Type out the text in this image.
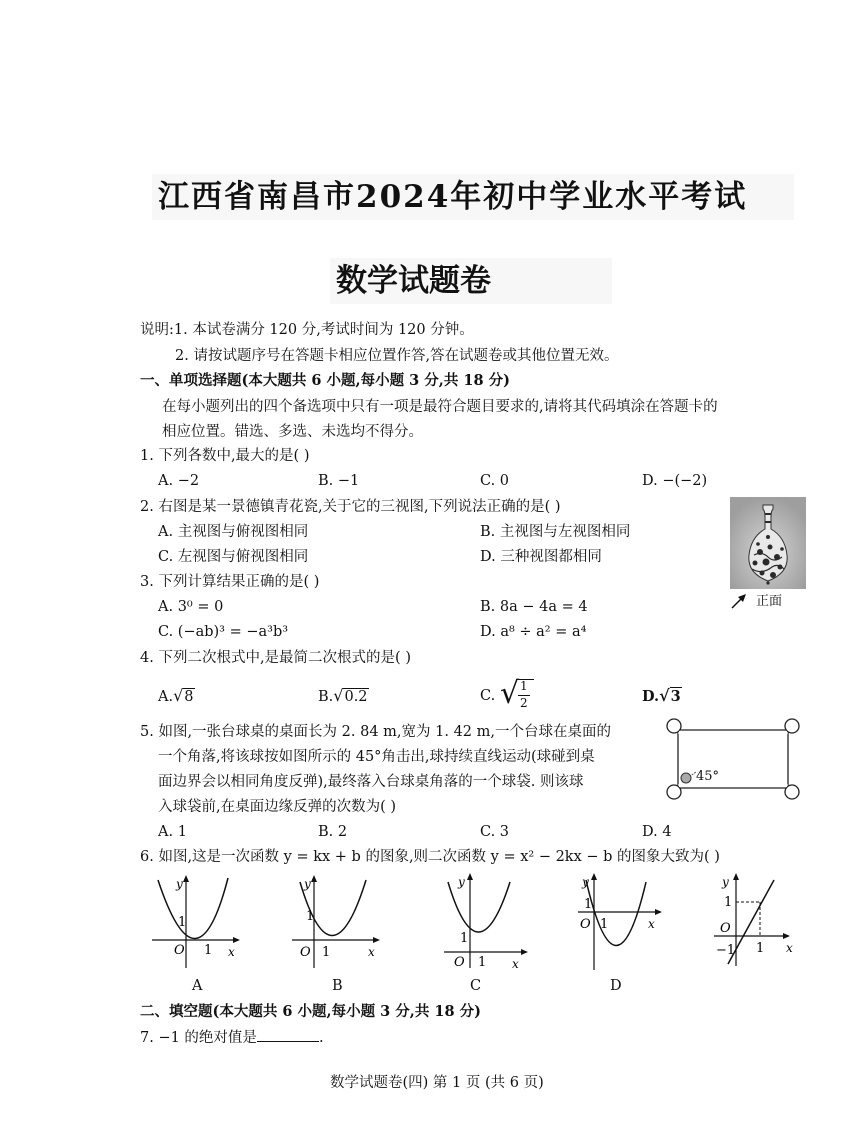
江西省南昌市2024年初中学业水平考试
数学试题卷
说明:1. 本试卷满分 120 分,考试时间为 120 分钟。
2. 请按试题序号在答题卡相应位置作答,答在试题卷或其他位置无效。
一、单项选择题(本大题共 6 小题,每小题 3 分,共 18 分)
在每小题列出的四个备选项中只有一项是最符合题目要求的,请将其代码填涂在答题卡的
相应位置。错选、多选、未选均不得分。
1. 下列各数中,最大的是( )
A. −2	B. −1	C. 0	D. −(−2)
2. 右图是某一景德镇青花瓷,关于它的三视图,下列说法正确的是( )
A. 主视图与俯视图相同	B. 主视图与左视图相同
C. 左视图与俯视图相同	D. 三种视图都相同
正面
3. 下列计算结果正确的是( )
A. 3⁰ = 0	B. 8a − 4a = 4
C. (−ab)³ = −a³b³	D. a⁸ ÷ a² = a⁴
4. 下列二次根式中,是最简二次根式的是( )
A.√8	B.√0.2	C. √ 1
2	D.√3
5. 如图,一张台球桌的桌面长为 2. 84 m,宽为 1. 42 m,一个台球在桌面的
一个角落,将该球按如图所示的 45°角击出,球持续直线运动(球碰到桌
面边界会以相同角度反弹),最终落入台球桌角落的一个球袋. 则该球
入球袋前,在桌面边缘反弹的次数为( )
A. 1	B. 2	C. 3	D. 4
45°
6. 如图,这是一次函数 y = kx + b 的图象,则二次函数 y = x² − 2kx − b 的图象大致为( )
y
x
O
1
1
A
y
x
O
1
1
B
y
x
O
1
1
C
y
x
O
1
1
D
y
x
O
1
1
−1
二、填空题(本大题共 6 小题,每小题 3 分,共 18 分)
7. −1 的绝对值是	.
数学试题卷(四) 第 1 页 (共 6 页)
